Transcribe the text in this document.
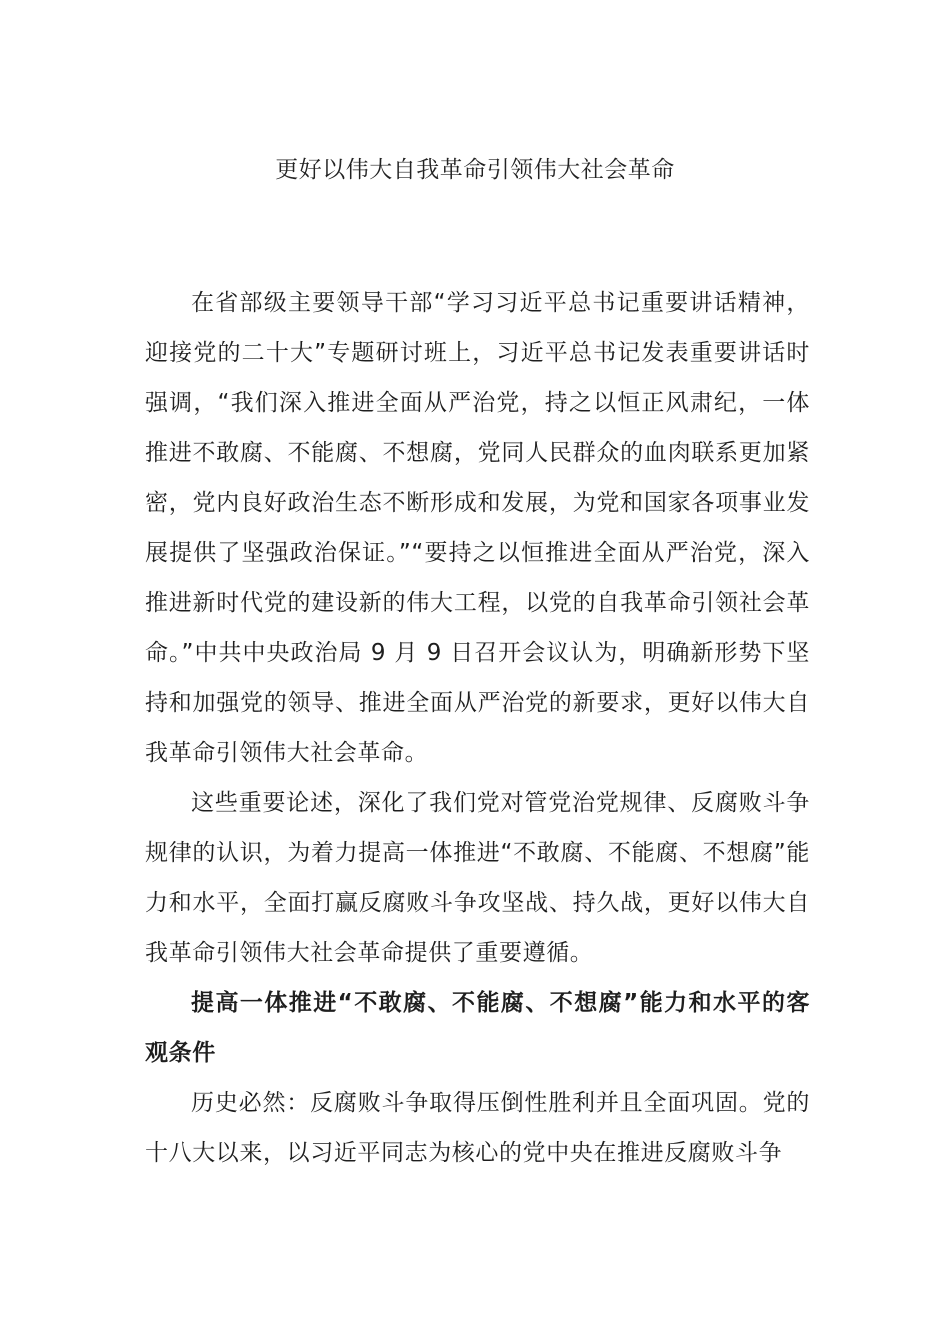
更好以伟大自我革命引领伟大社会革命

在省部级主要领导干部“学习习近平总书记重要讲话精神，迎接党的二十大”专题研讨班上，习近平总书记发表重要讲话时强调，“我们深入推进全面从严治党，持之以恒正风肃纪，一体推进不敢腐、不能腐、不想腐，党同人民群众的血肉联系更加紧密，党内良好政治生态不断形成和发展，为党和国家各项事业发展提供了坚强政治保证。”“要持之以恒推进全面从严治党，深入推进新时代党的建设新的伟大工程，以党的自我革命引领社会革命。”中共中央政治局 9 月 9 日召开会议认为，明确新形势下坚持和加强党的领导、推进全面从严治党的新要求，更好以伟大自我革命引领伟大社会革命。

这些重要论述，深化了我们党对管党治党规律、反腐败斗争规律的认识，为着力提高一体推进“不敢腐、不能腐、不想腐”能力和水平，全面打赢反腐败斗争攻坚战、持久战，更好以伟大自我革命引领伟大社会革命提供了重要遵循。

提高一体推进“不敢腐、不能腐、不想腐”能力和水平的客观条件

历史必然：反腐败斗争取得压倒性胜利并且全面巩固。党的十八大以来，以习近平同志为核心的党中央在推进反腐败斗争
